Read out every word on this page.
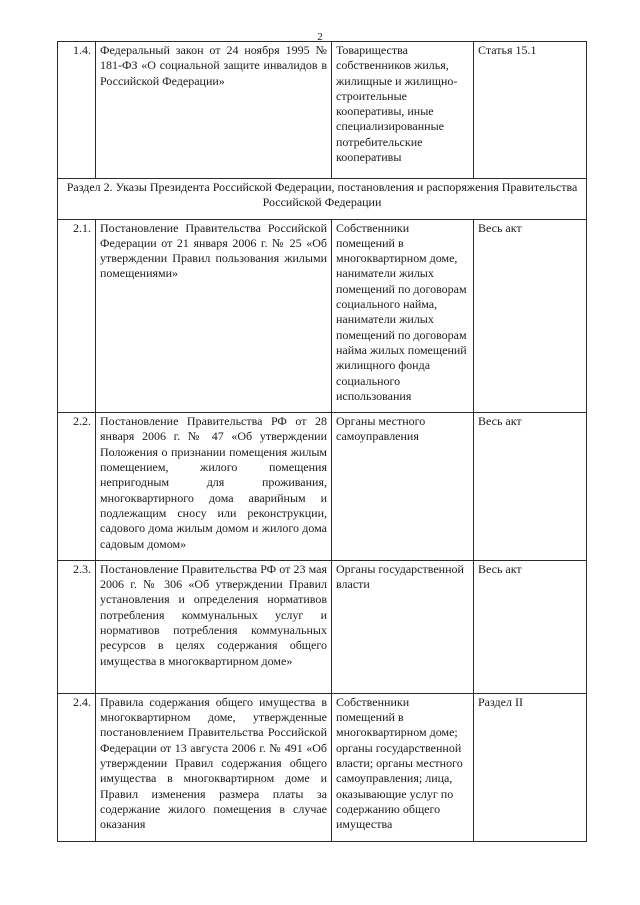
2
1.4.	Федеральный закон от 24 ноября 1995 № 181-ФЗ «О социальной защите инвалидов в Российской Федерации»	Товарищества собственников жилья, жилищные и жилищно-строительные кооперативы, иные специализированные потребительские кооперативы	Статья 15.1
Раздел 2. Указы Президента Российской Федерации, постановления и распоряжения Правительства Российской Федерации			
2.1.	Постановление Правительства Российской Федерации от 21 января 2006 г. № 25 «Об утверждении Правил пользования жилыми помещениями»	Собственники помещений в многоквартирном доме, наниматели жилых помещений по договорам социального найма, наниматели жилых помещений по договорам найма жилых помещений жилищного фонда социального использования	Весь акт
2.2.	Постановление Правительства РФ от 28 января 2006 г. № 47 «Об утверждении Положения о признании помещения жилым помещением, жилого помещения непригодным для проживания, многоквартирного дома аварийным и подлежащим сносу или реконструкции, садового дома жилым домом и жилого дома садовым домом»	Органы местного самоуправления	Весь акт
2.3.	Постановление Правительства РФ от 23 мая 2006 г. № 306 «Об утверждении Правил установления и определения нормативов потребления коммунальных услуг и нормативов потребления коммунальных ресурсов в целях содержания общего имущества в многоквартирном доме»	Органы государственной власти	Весь акт
2.4.	Правила содержания общего имущества в многоквартирном доме, утвержденные постановлением Правительства Российской Федерации от 13 августа 2006 г. № 491 «Об утверждении Правил содержания общего имущества в многоквартирном доме и Правил изменения размера платы за содержание жилого помещения в случае оказания	Собственники помещений в многоквартирном доме; органы государственной власти; органы местного самоуправления; лица, оказывающие услуг по содержанию общего имущества	Раздел II
